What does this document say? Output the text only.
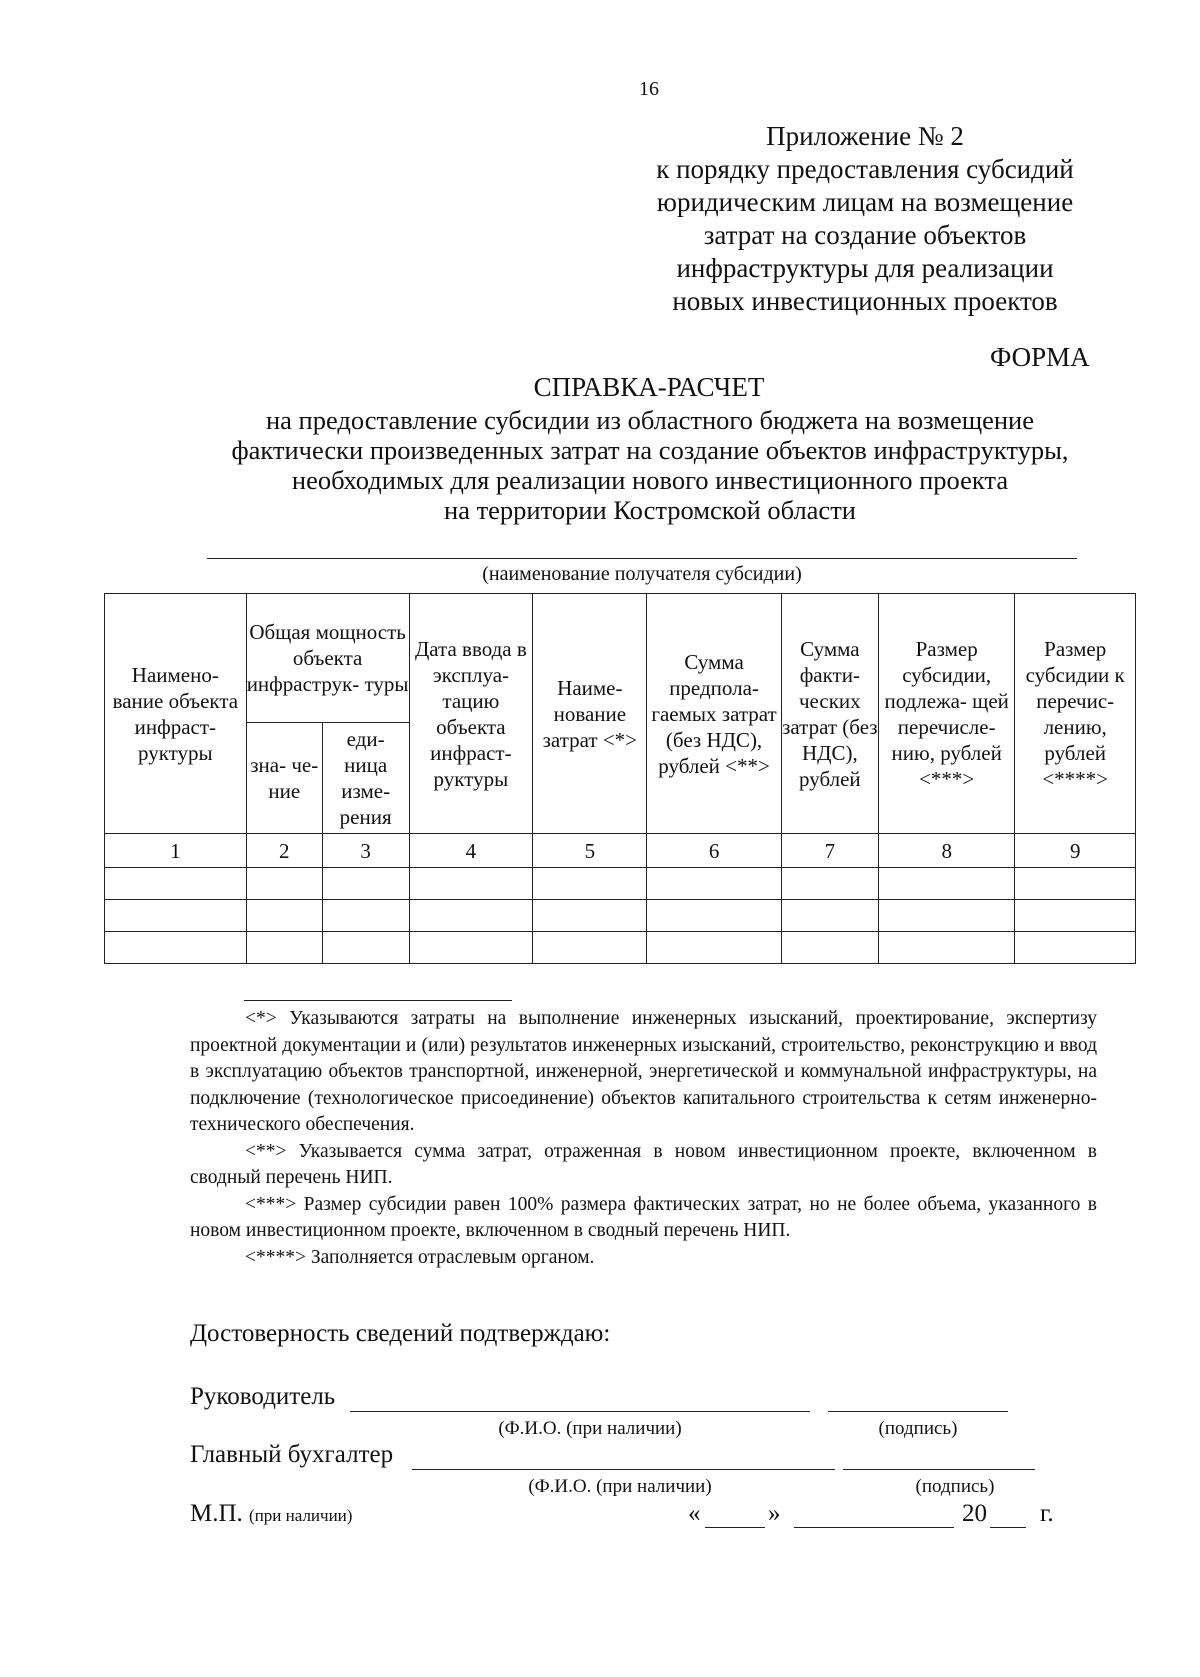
16
Приложение № 2
к порядку предоставления субсидий
юридическим лицам на возмещение
затрат на создание объектов
инфраструктуры для реализации
новых инвестиционных проектов
ФОРМА
СПРАВКА-РАСЧЕТ
на предоставление субсидии из областного бюджета на возмещение
фактически произведенных затрат на создание объектов инфраструктуры,
необходимых для реализации нового инвестиционного проекта
на территории Костромской области
(наименование получателя субсидии)
Наимено- вание объекта инфраст- руктуры	Общая мощность объекта инфраструк- туры		Дата ввода в эксплуа- тацию объекта инфраст- руктуры	Наиме- нование затрат <*>	Сумма предпола- гаемых затрат (без НДС), рублей <**>	Сумма факти- ческих затрат (без НДС), рублей	Размер субсидии, подлежа- щей перечисле- нию, рублей <***>	Размер субсидии к перечис- лению, рублей <****>
	зна- че- ние	еди- ница изме- рения						
1	2	3	4	5	6	7	8	9

<*> Указываются затраты на выполнение инженерных изысканий, проектирование, экспертизу проектной документации и (или) результатов инженерных изысканий, строительство, реконструкцию и ввод в эксплуатацию объектов транспортной, инженерной, энергетической и коммунальной инфраструктуры, на подключение (технологическое присоединение) объектов капитального строительства к сетям инженерно-технического обеспечения.

<**> Указывается сумма затрат, отраженная в новом инвестиционном проекте, включенном в сводный перечень НИП.

<***> Размер субсидии равен 100% размера фактических затрат, но не более объема, указанного в новом инвестиционном проекте, включенном в сводный перечень НИП.

<****> Заполняется отраслевым органом.

Достоверность сведений подтверждаю:
Руководитель
(Ф.И.О. (при наличии)	(подпись)
Главный бухгалтер
(Ф.И.О. (при наличии)	(подпись)
М.П. (при наличии)	«	»	20 г.
